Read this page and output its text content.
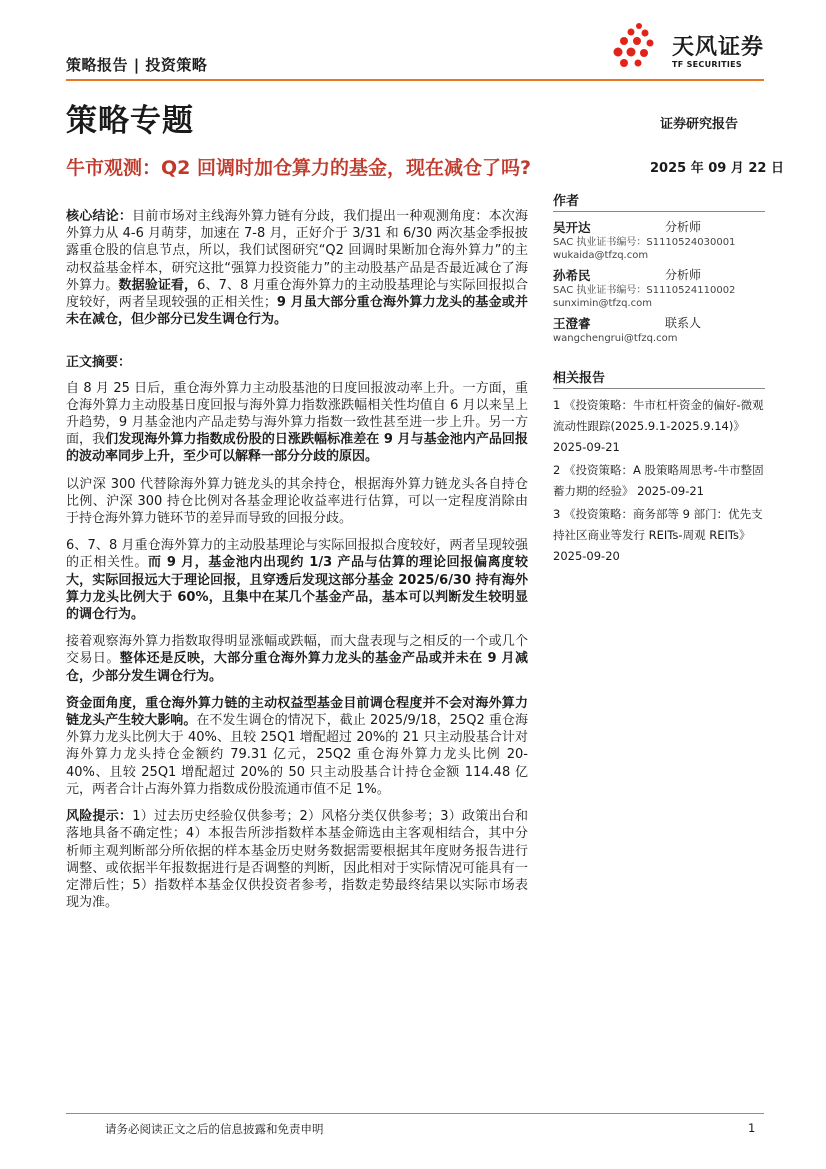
策略报告 | 投资策略
天风证券
TF SECURITIES
策略专题	证券研究报告
牛市观测：Q2 回调时加仓算力的基金，现在减仓了吗?	2025 年 09 月 22 日

核心结论：目前市场对主线海外算力链有分歧，我们提出一种观测角度：本次海外算力从 4-6 月萌芽，加速在 7-8 月，正好介于 3/31 和 6/30 两次基金季报披露重仓股的信息节点，所以，我们试图研究“Q2 回调时果断加仓海外算力”的主动权益基金样本，研究这批“强算力投资能力”的主动股基产品是否最近减仓了海外算力。数据验证看，6、7、8 月重仓海外算力的主动股基理论与实际回报拟合度较好，两者呈现较强的正相关性；9 月虽大部分重仓海外算力龙头的基金或并未在减仓，但少部分已发生调仓行为。

正文摘要：

自 8 月 25 日后，重仓海外算力主动股基池的日度回报波动率上升。一方面，重仓海外算力主动股基日度回报与海外算力指数涨跌幅相关性均值自 6 月以来呈上升趋势，9 月基金池内产品走势与海外算力指数一致性甚至进一步上升。另一方面，我们发现海外算力指数成份股的日涨跌幅标准差在 9 月与基金池内产品回报的波动率同步上升，至少可以解释一部分分歧的原因。

以沪深 300 代替除海外算力链龙头的其余持仓，根据海外算力链龙头各自持仓比例、沪深 300 持仓比例对各基金理论收益率进行估算，可以一定程度消除由于持仓海外算力链环节的差异而导致的回报分歧。

6、7、8 月重仓海外算力的主动股基理论与实际回报拟合度较好，两者呈现较强的正相关性。而 9 月，基金池内出现约 1/3 产品与估算的理论回报偏离度较大，实际回报远大于理论回报，且穿透后发现这部分基金 2025/6/30 持有海外算力龙头比例大于 60%，且集中在某几个基金产品，基本可以判断发生较明显的调仓行为。

接着观察海外算力指数取得明显涨幅或跌幅，而大盘表现与之相反的一个或几个交易日。整体还是反映，大部分重仓海外算力龙头的基金产品或并未在 9 月减仓，少部分发生调仓行为。

资金面角度，重仓海外算力链的主动权益型基金目前调仓程度并不会对海外算力链龙头产生较大影响。在不发生调仓的情况下，截止 2025/9/18，25Q2 重仓海外算力龙头比例大于 40%、且较 25Q1 增配超过 20%的 21 只主动股基合计对海外算力龙头持仓金额约 79.31 亿元，25Q2 重仓海外算力龙头比例 20-40%、且较 25Q1 增配超过 20%的 50 只主动股基合计持仓金额 114.48 亿元，两者合计占海外算力指数成份股流通市值不足 1%。

风险提示：1）过去历史经验仅供参考；2）风格分类仅供参考；3）政策出台和落地具备不确定性；4）本报告所涉指数样本基金筛选由主客观相结合，其中分析师主观判断部分所依据的样本基金历史财务数据需要根据其年度财务报告进行调整、或依据半年报数据进行是否调整的判断，因此相对于实际情况可能具有一定滞后性；5）指数样本基金仅供投资者参考，指数走势最终结果以实际市场表现为准。

作者
吴开达	分析师
SAC 执业证书编号：S1110524030001
wukaida@tfzq.com
孙希民	分析师
SAC 执业证书编号：S1110524110002
sunximin@tfzq.com
王澄睿	联系人
wangchengrui@tfzq.com
相关报告
1 《投资策略：牛市杠杆资金的偏好-微观流动性跟踪(2025.9.1-2025.9.14)》 2025-09-21
2 《投资策略：A 股策略周思考-牛市整固蓄力期的经验》 2025-09-21
3 《投资策略：商务部等 9 部门：优先支持社区商业等发行 REITs-周观 REITs》 2025-09-20
请务必阅读正文之后的信息披露和免责申明	1
